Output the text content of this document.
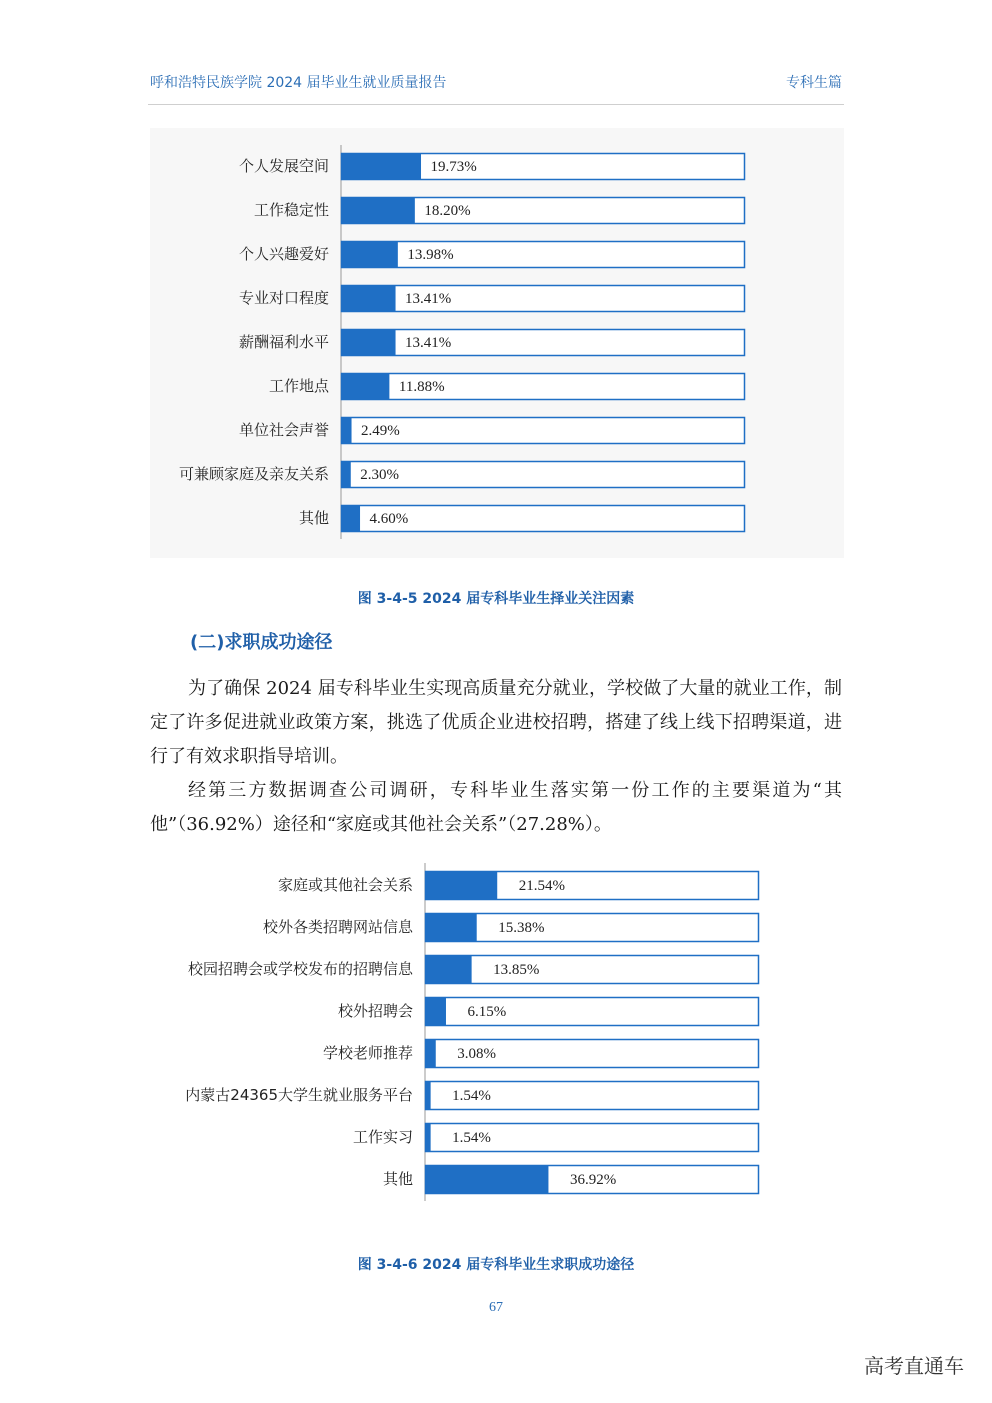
呼和浩特民族学院 2024 届毕业生就业质量报告	专科生篇
个人发展空间	19.73%
工作稳定性	18.20%
个人兴趣爱好	13.98%
专业对口程度	13.41%
薪酬福利水平	13.41%
工作地点	11.88%
单位社会声誉 2.49%
可兼顾家庭及亲友关系 2.30%
其他	4.60%
图 3-4-5 2024 届专科毕业生择业关注因素
(二)求职成功途径
为了确保 2024 届专科毕业生实现高质量充分就业，学校做了大量的就业工作，制定了许多促进就业政策方案，挑选了优质企业进校招聘，搭建了线上线下招聘渠道，进行了有效求职指导培训。
经第三方数据调查公司调研，专科毕业生落实第一份工作的主要渠道为“其他”（36.92%）途径和“家庭或其他社会关系”（27.28%）。
家庭或其他社会关系	21.54%
校外各类招聘网站信息	15.38%
校园招聘会或学校发布的招聘信息	13.85%
校外招聘会	6.15%
学校老师推荐	3.08%
内蒙古24365大学生就业服务平台	1.54%
工作实习	1.54%
其他	36.92%
图 3-4-6 2024 届专科毕业生求职成功途径
67
高考直通车
